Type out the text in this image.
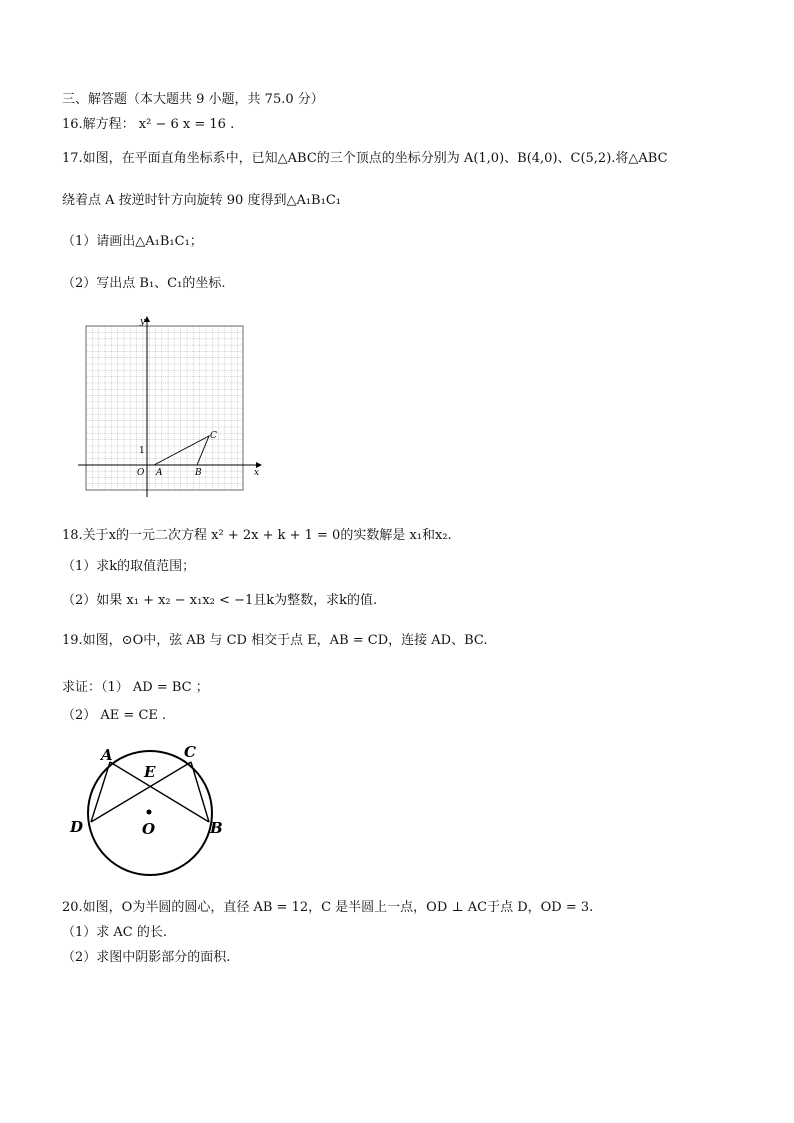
三、解答题（本大题共 9 小题，共 75.0 分）
16.解方程： x² − 6 x = 16 .
17.如图，在平面直角坐标系中，已知△ABC的三个顶点的坐标分别为 A(1,0)、B(4,0)、C(5,2).将△ABC
绕着点 A 按逆时针方向旋转 90 度得到△A₁B₁C₁
（1）请画出△A₁B₁C₁；
（2）写出点 B₁、C₁的坐标.
y
x
O
1
A	B
C
18.关于x的一元二次方程 x² + 2x + k + 1 = 0的实数解是 x₁和x₂.
（1）求k的取值范围；
（2）如果 x₁ + x₂ − x₁x₂ < −1且k为整数，求k的值.
19.如图，⊙O中，弦 AB 与 CD 相交于点 E，AB = CD，连接 AD、BC.
求证：（1） AD = BC ；
（2） AE = CE .
A	C
E
D	B
O
20.如图，O为半圆的圆心，直径 AB = 12，C 是半圆上一点，OD ⊥ AC于点 D，OD = 3.
（1）求 AC 的长.
（2）求图中阴影部分的面积.
